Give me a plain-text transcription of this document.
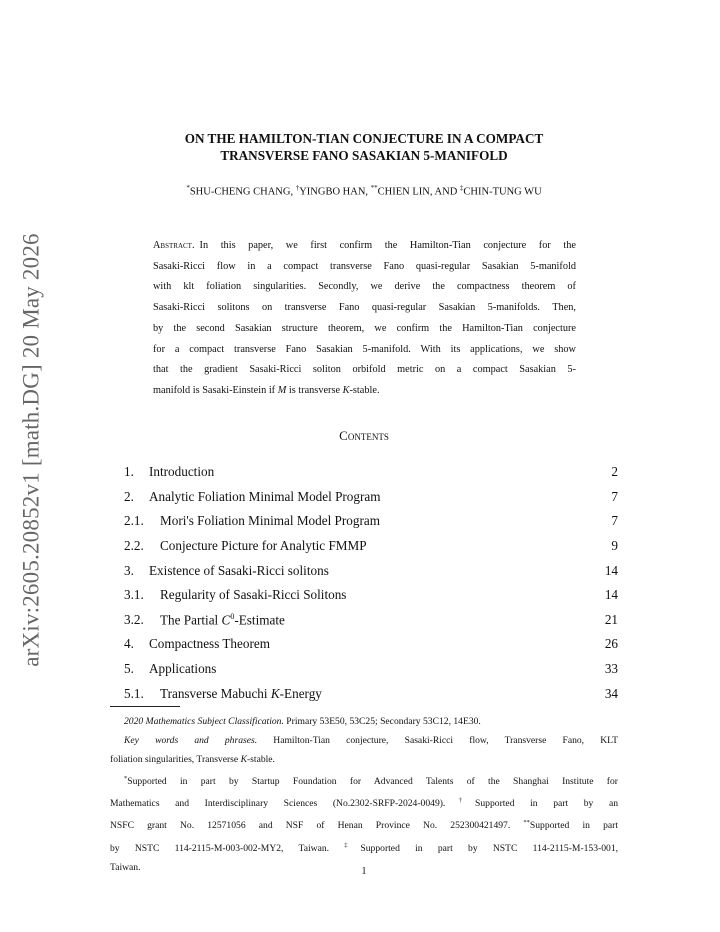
arXiv:2605.20852v1 [math.DG] 20 May 2026
ON THE HAMILTON-TIAN CONJECTURE IN A COMPACT
TRANSVERSE FANO SASAKIAN 5-MANIFOLD
*SHU-CHENG CHANG, †YINGBO HAN, **CHIEN LIN, AND ‡CHIN-TUNG WU
Abstract. In this paper, we first confirm the Hamilton-Tian conjecture for the
Sasaki-Ricci flow in a compact transverse Fano quasi-regular Sasakian 5-manifold
with klt foliation singularities. Secondly, we derive the compactness theorem of
Sasaki-Ricci solitons on transverse Fano quasi-regular Sasakian 5-manifolds. Then,
by the second Sasakian structure theorem, we confirm the Hamilton-Tian conjecture
for a compact transverse Fano Sasakian 5-manifold. With its applications, we show
that the gradient Sasaki-Ricci soliton orbifold metric on a compact Sasakian 5-
manifold is Sasaki-Einstein if M is transverse K-stable.
Contents
1.	Introduction	2
2.	Analytic Foliation Minimal Model Program	7
2.1.	Mori's Foliation Minimal Model Program	7
2.2.	Conjecture Picture for Analytic FMMP	9
3.	Existence of Sasaki-Ricci solitons	14
3.1.	Regularity of Sasaki-Ricci Solitons	14
3.2.	The Partial $C^0$-Estimate	21
4.	Compactness Theorem	26
5.	Applications	33
5.1.	Transverse Mabuchi K-Energy	34
2020 Mathematics Subject Classification. Primary 53E50, 53C25; Secondary 53C12, 14E30.
Key words and phrases. Hamilton-Tian conjecture, Sasaki-Ricci flow, Transverse Fano, KLT
foliation singularities, Transverse K-stable.
*Supported in part by Startup Foundation for Advanced Talents of the Shanghai Institute for
Mathematics and Interdisciplinary Sciences (No.2302-SRFP-2024-0049).†Supported in part by an
NSFC grant No. 12571056 and NSF of Henan Province No. 252300421497. **Supported in part
by NSTC 114-2115-M-003-002-MY2, Taiwan. ‡Supported in part by NSTC 114-2115-M-153-001,
Taiwan.	1
